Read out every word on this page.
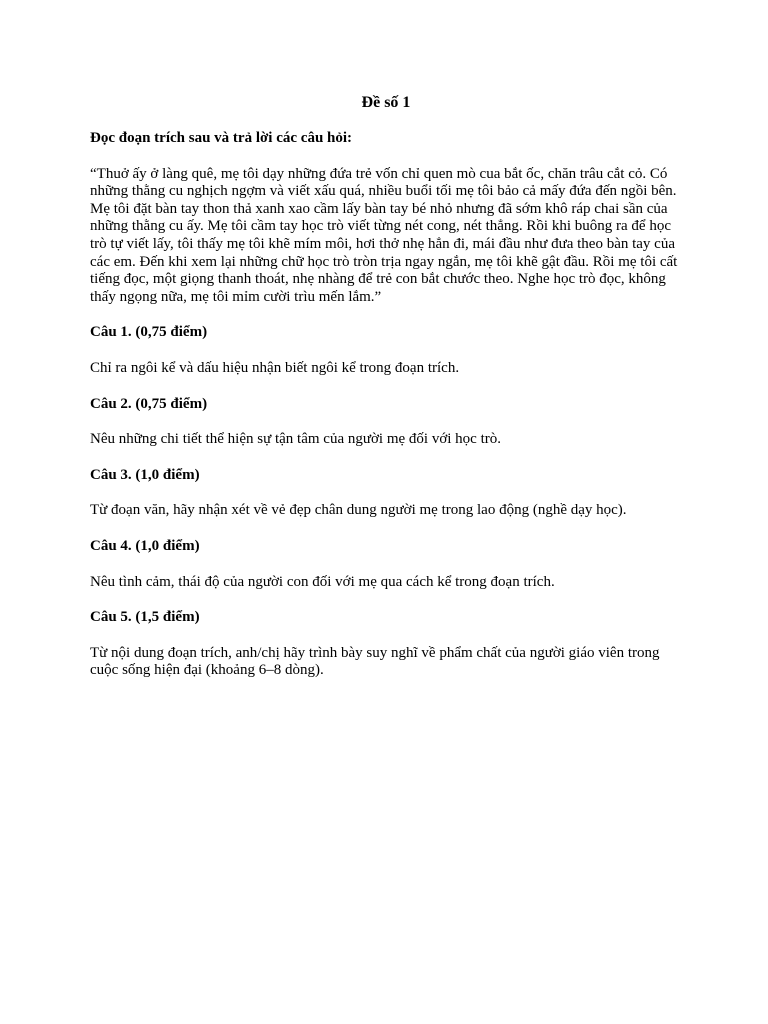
Đề số 1
Đọc đoạn trích sau và trả lời các câu hỏi:
“Thuở ấy ở làng quê, mẹ tôi dạy những đứa trẻ vốn chỉ quen mò cua bắt ốc, chăn trâu cắt cỏ. Có những thằng cu nghịch ngợm và viết xấu quá, nhiều buổi tối mẹ tôi bảo cả mấy đứa đến ngồi bên. Mẹ tôi đặt bàn tay thon thả xanh xao cầm lấy bàn tay bé nhỏ nhưng đã sớm khô ráp chai sần của những thằng cu ấy. Mẹ tôi cầm tay học trò viết từng nét cong, nét thẳng. Rồi khi buông ra để học trò tự viết lấy, tôi thấy mẹ tôi khẽ mím môi, hơi thở nhẹ hẳn đi, mái đầu như đưa theo bàn tay của các em. Đến khi xem lại những chữ học trò tròn trịa ngay ngắn, mẹ tôi khẽ gật đầu. Rồi mẹ tôi cất tiếng đọc, một giọng thanh thoát, nhẹ nhàng để trẻ con bắt chước theo. Nghe học trò đọc, không thấy ngọng nữa, mẹ tôi mỉm cười trìu mến lắm.”
Câu 1. (0,75 điểm)
Chỉ ra ngôi kể và dấu hiệu nhận biết ngôi kể trong đoạn trích.
Câu 2. (0,75 điểm)
Nêu những chi tiết thể hiện sự tận tâm của người mẹ đối với học trò.
Câu 3. (1,0 điểm)
Từ đoạn văn, hãy nhận xét về vẻ đẹp chân dung người mẹ trong lao động (nghề dạy học).
Câu 4. (1,0 điểm)
Nêu tình cảm, thái độ của người con đối với mẹ qua cách kể trong đoạn trích.
Câu 5. (1,5 điểm)
Từ nội dung đoạn trích, anh/chị hãy trình bày suy nghĩ về phẩm chất của người giáo viên trong cuộc sống hiện đại (khoảng 6–8 dòng).
